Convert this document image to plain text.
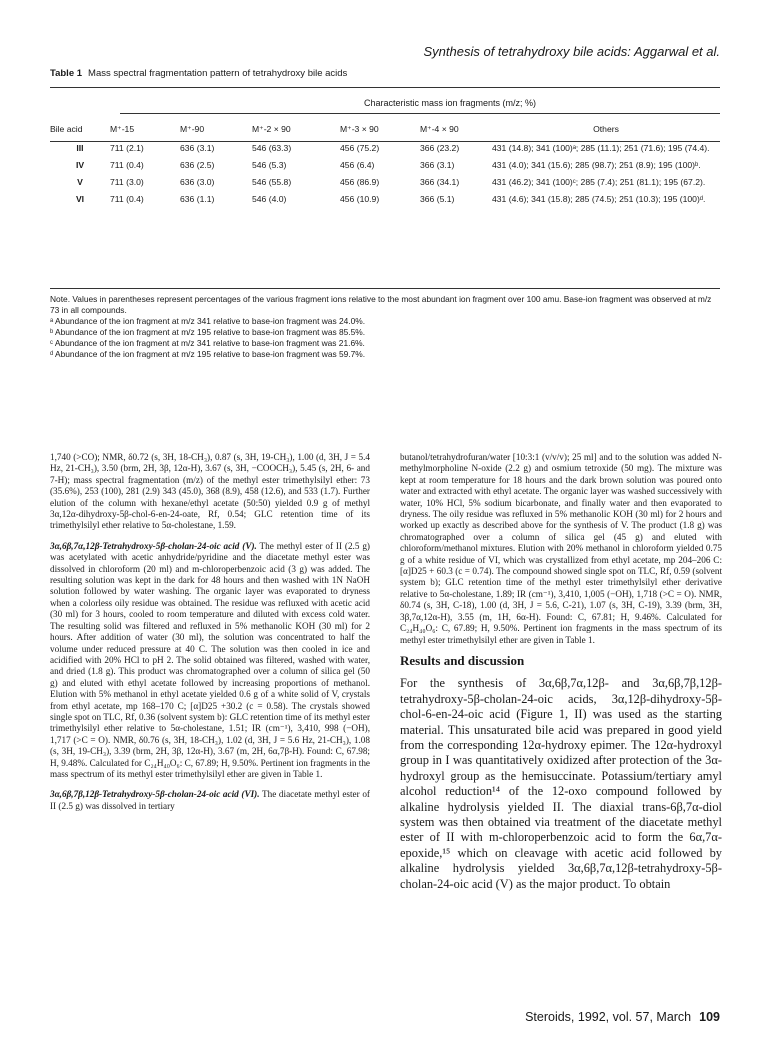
Synthesis of tetrahydroxy bile acids: Aggarwal et al.
Table 1 Mass spectral fragmentation pattern of tetrahydroxy bile acids
Characteristic mass ion fragments (m/z; %)
Bile acid	M⁺-15	M⁺-90	M⁺-2 × 90	M⁺-3 × 90	M⁺-4 × 90	Others
III	711 (2.1)	636 (3.1)	546 (63.3)	456 (75.2)	366 (23.2)	431 (14.8); 341 (100)ᵃ; 285 (11.1); 251 (71.6); 195 (74.4).
IV	711 (0.4)	636 (2.5)	546 (5.3)	456 (6.4)	366 (3.1)	431 (4.0); 341 (15.6); 285 (98.7); 251 (8.9); 195 (100)ᵇ.
V	711 (3.0)	636 (3.0)	546 (55.8)	456 (86.9)	366 (34.1)	431 (46.2); 341 (100)ᶜ; 285 (7.4); 251 (81.1); 195 (67.2).
VI	711 (0.4)	636 (1.1)	546 (4.0)	456 (10.9)	366 (5.1)	431 (4.6); 341 (15.8); 285 (74.5); 251 (10.3); 195 (100)ᵈ.

Note. Values in parentheses represent percentages of the various fragment ions relative to the most abundant ion fragment over 100 amu. Base-ion fragment was observed at m/z 73 in all compounds.

ᵃ Abundance of the ion fragment at m/z 341 relative to base-ion fragment was 24.0%.

ᵇ Abundance of the ion fragment at m/z 195 relative to base-ion fragment was 85.5%.

ᶜ Abundance of the ion fragment at m/z 341 relative to base-ion fragment was 21.6%.

ᵈ Abundance of the ion fragment at m/z 195 relative to base-ion fragment was 59.7%.

1,740 (>CO); NMR, δ0.72 (s, 3H, 18-CH₃), 0.87 (s, 3H, 19-CH₃), 1.00 (d, 3H, J = 5.4 Hz, 21-CH₃), 3.50 (brm, 2H, 3β, 12α-H), 3.67 (s, 3H, −COOCH₃), 5.45 (s, 2H, 6- and 7-H); mass spectral fragmentation (m/z) of the methyl ester trimethylsilyl ether: 73 (35.6%), 253 (100), 281 (2.9) 343 (45.0), 368 (8.9), 458 (12.6), and 533 (1.7). Further elution of the column with hexane/ethyl acetate (50:50) yielded 0.9 g of methyl 3α,12α-dihydroxy-5β-chol-6-en-24-oate, Rf, 0.54; GLC retention time of its trimethylsilyl ether relative to 5α-cholestane, 1.59.

3α,6β,7α,12β-Tetrahydroxy-5β-cholan-24-oic acid (V). The methyl ester of II (2.5 g) was acetylated with acetic anhydride/pyridine and the diacetate methyl ester was dissolved in chloroform (20 ml) and m-chloroperbenzoic acid (3 g) was added. The resulting solution was kept in the dark for 48 hours and then washed with 1N NaOH solution followed by water washing. The organic layer was evaporated to dryness when a colorless oily residue was obtained. The residue was refluxed with acetic acid (30 ml) for 3 hours, cooled to room temperature and diluted with excess cold water. The resulting solid was filtered and refluxed in 5% methanolic KOH (30 ml) for 2 hours. After addition of water (30 ml), the solution was concentrated to half the volume under reduced pressure at 40 C. The solution was then cooled in ice and acidified with 20% HCl to pH 2. The solid obtained was filtered, washed with water, and dried (1.8 g). This product was chromatographed over a column of silica gel (50 g) and eluted with ethyl acetate followed by increasing proportions of methanol. Elution with 5% methanol in ethyl acetate yielded 0.6 g of a white solid of V, crystals from ethyl acetate, mp 168–170 C; [α]D25 +30.2 (c = 0.58). The crystals showed single spot on TLC, Rf, 0.36 (solvent system b): GLC retention time of its methyl ester trimethylsilyl ether relative to 5α-cholestane, 1.51; IR (cm⁻¹), 3,410, 998 (−OH), 1,717 (>C = O). NMR, δ0.76 (s, 3H, 18-CH₃), 1.02 (d, 3H, J = 5.6 Hz, 21-CH₃), 1.08 (s, 3H, 19-CH₃), 3.39 (brm, 2H, 3β, 12α-H), 3.67 (m, 2H, 6α,7β-H). Found: C, 67.98; H, 9.48%. Calculated for C₂₄H₄₀O₆: C, 67.89; H, 9.50%. Pertinent ion fragments in the mass spectrum of its methyl ester trimethylsilyl ether are given in Table 1.

3α,6β,7β,12β-Tetrahydroxy-5β-cholan-24-oic acid (VI). The diacetate methyl ester of II (2.5 g) was dissolved in tertiary

butanol/tetrahydrofuran/water [10:3:1 (v/v/v); 25 ml] and to the solution was added N-methylmorpholine N-oxide (2.2 g) and osmium tetroxide (50 mg). The mixture was kept at room temperature for 18 hours and the dark brown solution was poured onto water and extracted with ethyl acetate. The organic layer was washed successively with water, 10% HCl, 5% sodium bicarbonate, and finally water and then evaporated to dryness. The oily residue was refluxed in 5% methanolic KOH (30 ml) for 2 hours and worked up exactly as described above for the synthesis of V. The product (1.8 g) was chromatographed over a column of silica gel (45 g) and eluted with chloroform/methanol mixtures. Elution with 20% methanol in chloroform yielded 0.75 g of a white residue of VI, which was crystallized from ethyl acetate, mp 204–206 C: [α]D25 + 60.3 (c = 0.74). The compound showed single spot on TLC, Rf, 0.59 (solvent system b); GLC retention time of the methyl ester trimethylsilyl ether derivative relative to 5α-cholestane, 1.89; IR (cm⁻¹), 3,410, 1,005 (−OH), 1,718 (>C = O). NMR, δ0.74 (s, 3H, C-18), 1.00 (d, 3H, J = 5.6, C-21), 1.07 (s, 3H, C-19), 3.39 (brm, 3H, 3β,7α,12α-H), 3.55 (m, 1H, 6α-H). Found: C, 67.81; H, 9.46%. Calculated for C₂₄H₄₀O₆: C, 67.89; H, 9.50%. Pertinent ion fragments in the mass spectrum of its methyl ester trimethylsilyl ether are given in Table 1.

Results and discussion

For the synthesis of 3α,6β,7α,12β- and 3α,6β,7β,12β-tetrahydroxy-5β-cholan-24-oic acids, 3α,12β-dihydroxy-5β-chol-6-en-24-oic acid (Figure 1, II) was used as the starting material. This unsaturated bile acid was prepared in good yield from the corresponding 12α-hydroxy epimer. The 12α-hydroxyl group in I was quantitatively oxidized after protection of the 3α-hydroxyl group as the hemisuccinate. Potassium/tertiary amyl alcohol reduction¹⁴ of the 12-oxo compound followed by alkaline hydrolysis yielded II. The diaxial trans-6β,7α-diol system was then obtained via treatment of the diacetate methyl ester of II with m-chloroperbenzoic acid to form the 6α,7α-epoxide,¹⁵ which on cleavage with acetic acid followed by alkaline hydrolysis yielded 3α,6β,7α,12β-tetrahydroxy-5β-cholan-24-oic acid (V) as the major product. To obtain

Steroids, 1992, vol. 57, March 109
